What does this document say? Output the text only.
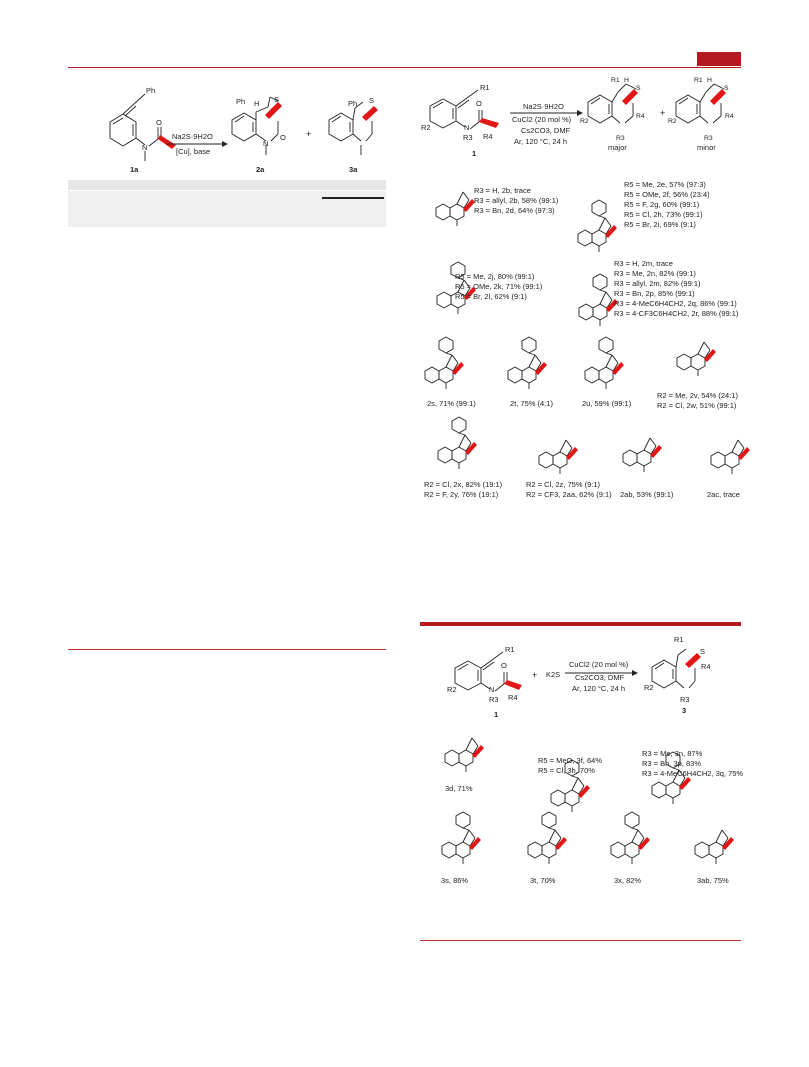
Ph
N
O
1a
Na2S·9H2O
[Cu], base
Ph H S
N
O
2a
+
Ph S
3a
R1
R2	N
R3
O
R4
1
Na2S·9H2O
CuCl2 (20 mol %)
Cs2CO3, DMF
Ar, 120 °C, 24 h
R1 H
S
R4
R2
R3
major
+
R1 H
S
R4
R2
R3
minor
R3 = H, 2b, trace
R3 = allyl, 2b, 58% (99:1)
R3 = Bn, 2d, 64% (97:3)
R5 = Me, 2e, 57% (97:3)
R5 = OMe, 2f, 56% (23:4)
R5 = F, 2g, 60% (99:1)
R5 = Cl, 2h, 73% (99:1)
R5 = Br, 2i, 69% (9:1)
R5 = Me, 2j, 80% (99:1)
R5 = OMe, 2k, 71% (99:1)
R5 = Br, 2l, 62% (9:1)
R3 = H, 2m, trace
R3 = Me, 2n, 82% (99:1)
R3 = allyl, 2m, 82% (99:1)
R3 = Bn, 2p, 85% (99:1)
R3 = 4-MeC6H4CH2, 2q, 86% (99:1)
R3 = 4-CF3C6H4CH2, 2r, 88% (99:1)
2s, 71% (99:1)	2t, 75% (4:1)	2u, 59% (99:1)
R2 = Me, 2v, 54% (24:1)
R2 = Cl, 2w, 51% (99:1)
R2 = Cl, 2x, 82% (19:1)
R2 = F, 2y, 76% (19:1)
R2 = Cl, 2z, 75% (9:1)
R2 = CF3, 2aa, 62% (9:1) 2ab, 53% (99:1)	2ac, trace
R1
R2	N
R3 R4
O
1
+ K2S
CuCl2 (20 mol %)
Cs2CO3, DMF
Ar, 120 °C, 24 h
R1
S
R4
R2
R3
3
3d, 71%
R5 = MeO, 3f, 64%
R5 = Cl, 3h, 70%
R3 = Me, 3n, 87%
R3 = Bn, 3p, 83%
R3 = 4-MeC6H4CH2, 3q, 75%
3s, 86%	3t, 70%	3x, 82%	3ab, 75%
